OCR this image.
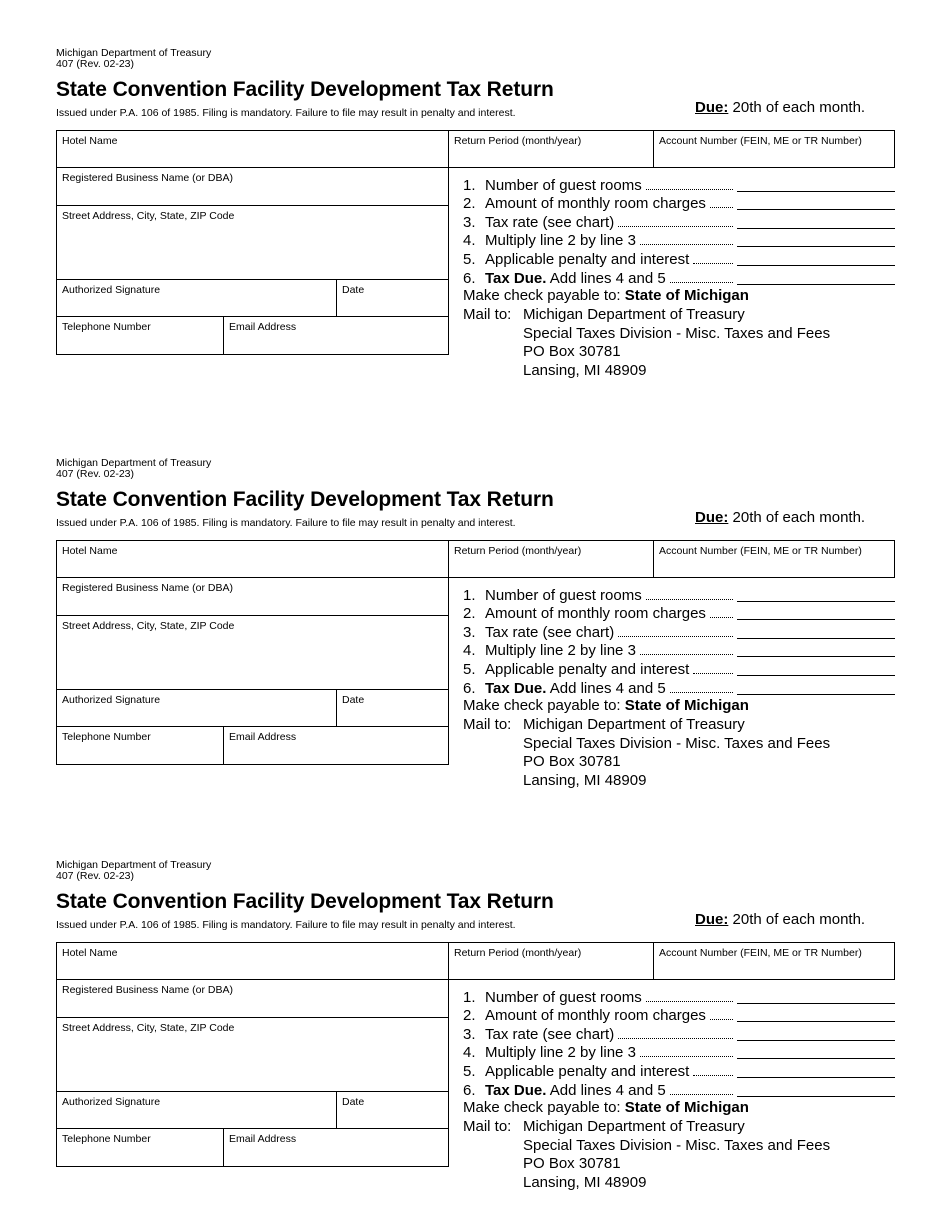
Michigan Department of Treasury
407 (Rev. 02-23)
State Convention Facility Development Tax Return
Issued under P.A. 106 of 1985. Filing is mandatory. Failure to file may result in penalty and interest.	Due: 20th of each month.
Hotel Name	Return Period (month/year)	Account Number (FEIN, ME or TR Number)
Registered Business Name (or DBA)
Street Address, City, State, ZIP Code
Authorized Signature	Date
Telephone Number	Email Address
1. Number of guest rooms
2. Amount of monthly room charges
3. Tax rate (see chart)
4. Multiply line 2 by line 3
5. Applicable penalty and interest
6. Tax Due. Add lines 4 and 5
Make check payable to: State of Michigan
Mail to: Michigan Department of Treasury
Special Taxes Division - Misc. Taxes and Fees
PO Box 30781
Lansing, MI 48909
Michigan Department of Treasury
407 (Rev. 02-23)
State Convention Facility Development Tax Return
Issued under P.A. 106 of 1985. Filing is mandatory. Failure to file may result in penalty and interest.	Due: 20th of each month.
Hotel Name	Return Period (month/year)	Account Number (FEIN, ME or TR Number)
Registered Business Name (or DBA)
Street Address, City, State, ZIP Code
Authorized Signature	Date
Telephone Number	Email Address
1. Number of guest rooms
2. Amount of monthly room charges
3. Tax rate (see chart)
4. Multiply line 2 by line 3
5. Applicable penalty and interest
6. Tax Due. Add lines 4 and 5
Make check payable to: State of Michigan
Mail to: Michigan Department of Treasury
Special Taxes Division - Misc. Taxes and Fees
PO Box 30781
Lansing, MI 48909
Michigan Department of Treasury
407 (Rev. 02-23)
State Convention Facility Development Tax Return
Issued under P.A. 106 of 1985. Filing is mandatory. Failure to file may result in penalty and interest.	Due: 20th of each month.
Hotel Name	Return Period (month/year)	Account Number (FEIN, ME or TR Number)
Registered Business Name (or DBA)
Street Address, City, State, ZIP Code
Authorized Signature	Date
Telephone Number	Email Address
1. Number of guest rooms
2. Amount of monthly room charges
3. Tax rate (see chart)
4. Multiply line 2 by line 3
5. Applicable penalty and interest
6. Tax Due. Add lines 4 and 5
Make check payable to: State of Michigan
Mail to: Michigan Department of Treasury
Special Taxes Division - Misc. Taxes and Fees
PO Box 30781
Lansing, MI 48909
